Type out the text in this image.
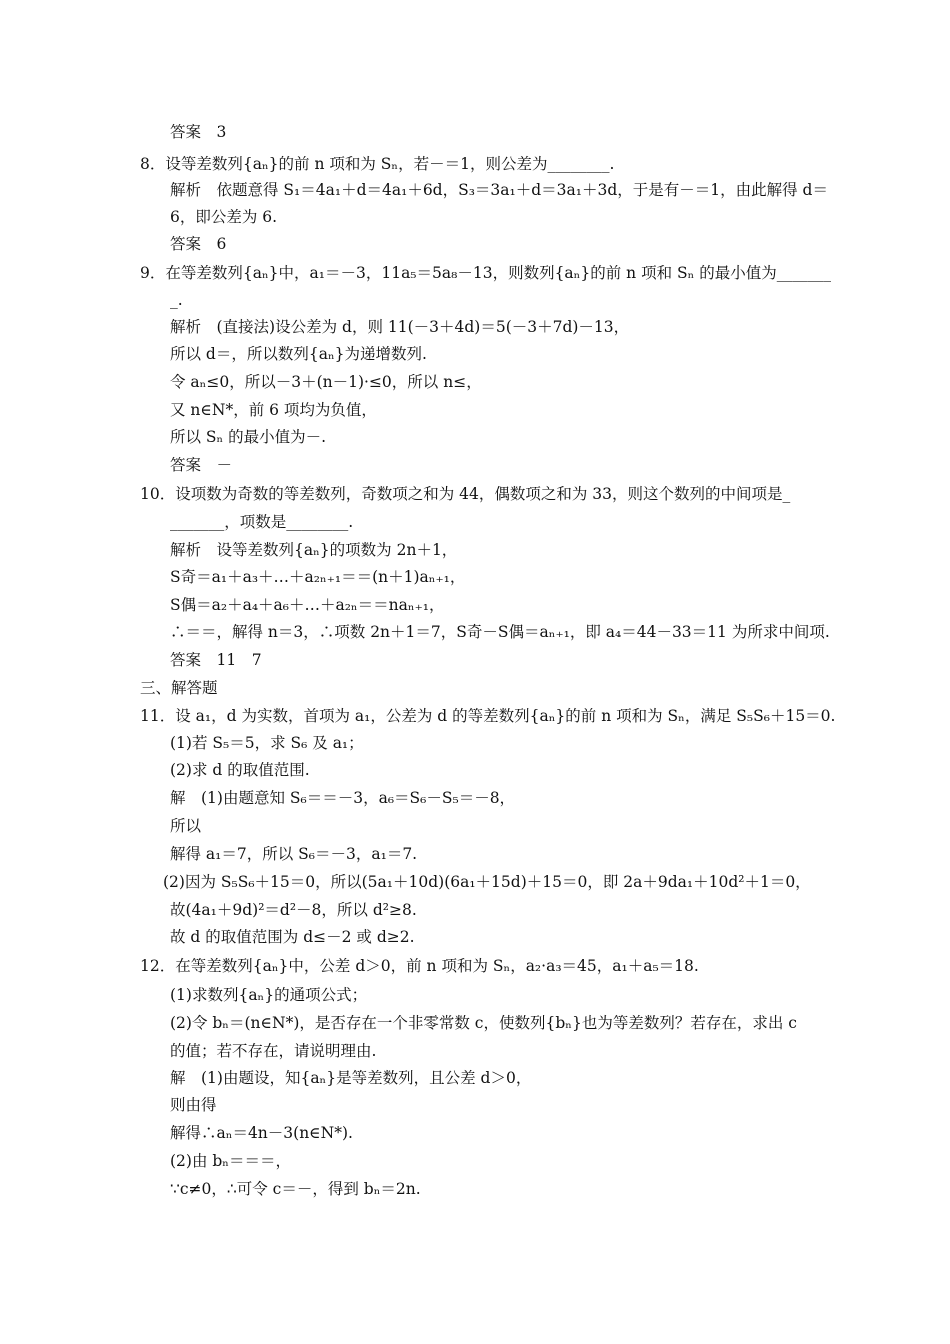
答案　3
8．设等差数列{aₙ}的前 n 项和为 Sₙ，若－＝1，则公差为________.
解析　依题意得 S₁＝4a₁＋d＝4a₁＋6d，S₃＝3a₁＋d＝3a₁＋3d，于是有－＝1，由此解得 d＝
6，即公差为 6.
答案　6
9．在等差数列{aₙ}中，a₁＝－3，11a₅＝5a₈－13，则数列{aₙ}的前 n 项和 Sₙ 的最小值为_______
_.
解析　(直接法)设公差为 d，则 11(－3＋4d)＝5(－3＋7d)－13，
所以 d＝，所以数列{aₙ}为递增数列.
令 aₙ≤0，所以－3＋(n－1)·≤0，所以 n≤，
又 n∈N*，前 6 项均为负值，
所以 Sₙ 的最小值为－.
答案　－
10．设项数为奇数的等差数列，奇数项之和为 44，偶数项之和为 33，则这个数列的中间项是_
_______，项数是________.
解析　设等差数列{aₙ}的项数为 2n＋1，
S奇＝a₁＋a₃＋…＋a₂ₙ₊₁＝＝(n＋1)aₙ₊₁，
S偶＝a₂＋a₄＋a₆＋…＋a₂ₙ＝＝naₙ₊₁，
∴＝＝，解得 n＝3，∴项数 2n＋1＝7，S奇－S偶＝aₙ₊₁，即 a₄＝44－33＝11 为所求中间项.
答案　11　7
三、解答题
11．设 a₁，d 为实数，首项为 a₁，公差为 d 的等差数列{aₙ}的前 n 项和为 Sₙ，满足 S₅S₆＋15＝0.
(1)若 S₅＝5，求 S₆ 及 a₁；
(2)求 d 的取值范围.
解　(1)由题意知 S₆＝＝－3，a₆＝S₆－S₅＝－8，
所以
解得 a₁＝7，所以 S₆＝－3，a₁＝7.
(2)因为 S₅S₆＋15＝0，所以(5a₁＋10d)(6a₁＋15d)＋15＝0，即 2a＋9da₁＋10d²＋1＝0，
故(4a₁＋9d)²＝d²－8，所以 d²≥8.
故 d 的取值范围为 d≤－2 或 d≥2.
12．在等差数列{aₙ}中，公差 d＞0，前 n 项和为 Sₙ，a₂·a₃＝45，a₁＋a₅＝18.
(1)求数列{aₙ}的通项公式；
(2)令 bₙ＝(n∈N*)，是否存在一个非零常数 c，使数列{bₙ}也为等差数列？若存在，求出 c
的值；若不存在，请说明理由.
解　(1)由题设，知{aₙ}是等差数列，且公差 d＞0，
则由得
解得∴aₙ＝4n－3(n∈N*).
(2)由 bₙ＝＝＝，
∵c≠0，∴可令 c＝－，得到 bₙ＝2n.
